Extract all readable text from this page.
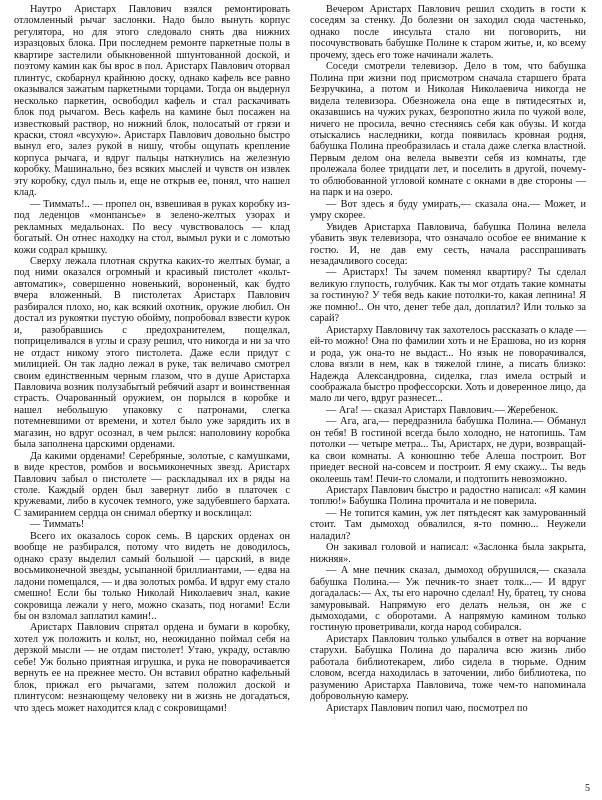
Наутро Аристарх Павлович взялся ремонтировать отломленный рычаг заслонки. Надо было вынуть корпус регулятора, но для этого следовало снять два нижних изразцовых блока. При последнем ремонте паркетные полы в квартире застелили обыкновенной шпунтованной доской, и поэтому камин как бы врос в пол. Аристарх Павлович оторвал плинтус, скобарнул крайнюю доску, однако кафель все равно оказывался зажатым паркетными торцами. Тогда он выдернул несколько паркетин, освободил кафель и стал раскачивать блок под рычагом. Весь кафель на камине был посажен на известковый раствор, но нижний блок, полосатый от грязи и краски, стоял «всухую». Аристарх Павлович довольно быстро вынул его, залез рукой в нишу, чтобы ощупать крепление корпуса рычага, и вдруг пальцы наткнулись на железную коробку. Машинально, без всяких мыслей и чувств он извлек эту коробку, сдул пыль и, еще не открыв ее, понял, что нашел клад.

— Тиммать!.. — пропел он, взвешивая в руках коробку из-под леденцов «монпансье» в зелено-желтых узорах и рекламных медальонах. По весу чувствовалось — клад богатый. Он отнес находку на стол, вымыл руки и с ломотью кожи содрал крышку.

Сверху лежала плотная скрутка каких-то желтых бумаг, а под ними оказался огромный и красивый пистолет «кольт-автоматик», совершенно новенький, вороненый, как будто вчера вложенный. В пистолетах Аристарх Павлович разбирался плохо, но, как всякий охотник, оружие любил. Он достал из рукоятки пустую обойму, попробовал взвести курок и, разобравшись с предохранителем, пощелкал, поприцеливался в углы и сразу решил, что никогда и ни за что не отдаст никому этого пистолета. Даже если придут с милицией. Он так ладно лежал в руке, так величаво смотрел своим единственным черным глазом, что в душе Аристарха Павловича возник полузабытый ребячий азарт и воинственная страсть. Очарованный оружием, он порылся в коробке и нашел небольшую упаковку с патронами, слегка потемневшими от времени, и хотел было уже зарядить их в магазин, но вдруг осознал, в чем рылся: наполовину коробка была заполнена царскими орденами.

Да какими орденами! Серебряные, золотые, с камушками, в виде крестов, ромбов и восьмиконечных звезд. Аристарх Павлович забыл о пистолете — раскладывал их в ряды на столе. Каждый орден был завернут либо в платочек с кружевами, либо в кусочек темного, уже задубевшего бархата. С замиранием сердца он снимал обертку и восклицал:

— Тиммать!

Всего их оказалось сорок семь. В царских орденах он вообще не разбирался, потому что видеть не доводилось, однако сразу выделил самый большой — царский, в виде восьмиконечной звезды, усыпанной бриллиантами, — едва на ладони помещался, — и два золотых ромба. И вдруг ему стало смешно! Если бы только Николай Николаевич знал, какие сокровища лежали у него, можно сказать, под ногами! Если бы он взломал заплатил камин!..

Аристарх Павлович спрятал ордена и бумаги в коробку, хотел уж положить и кольт, но, неожиданно поймал себя на дерзкой мысли — не отдам пистолет! Утаю, украду, оставлю себе! Уж больно приятная игрушка, и рука не поворачивается вернуть ее на прежнее место. Он вставил обратно кафельный блок, прижал его рычагами, затем положил доской и плинтусом: незнающему человеку ни в жизнь не догадаться, что здесь может находится клад с сокровищами!

Вечером Аристарх Павлович решил сходить в гости к соседям за стенку. До болезни он заходил сюда частенько, однако после инсульта стало ни поговорить, ни посочувствовать бабушке Полине к старом житье, и, ко всему прочему, здесь его тоже начинали жалеть.

Соседи смотрели телевизор. Дело в том, что бабушка Полина при жизни под присмотром сначала старшего брата Безручкина, а потом и Николая Николаевича никогда не видела телевизора. Обезножела она еще в пятидесятых и, оказавшись на чужих руках, безропотно жила по чужой воле, ничего не просила, вечно стесняясь себя как обузы. И когда отыскались наследники, когда появилась кровная родня, бабушка Полина преобразилась и стала даже слегка властной. Первым делом она велела вывезти себя из комнаты, где пролежала более тридцати лет, и поселить в другой, почему-то облюбованной угловой комнате с окнами в две стороны — на парк и на озеро.

— Вот здесь я буду умирать,— сказала она.— Может, и умру скорее.

Увидев Аристарха Павловича, бабушка Полина велела убавить звук телевизора, что означало особое ее внимание к гостю. И, не дав ему сесть, начала расспрашивать незадачливого соседа:

— Аристарх! Ты зачем поменял квартиру? Ты сделал великую глупость, голубчик. Как ты мог отдать такие комнаты за гостиную? У тебя ведь какие потолки-то, какая лепнина! Я же помню!.. Он что, денег тебе дал, доплатил? Или только за сарай?

Аристарху Павловичу так захотелось рассказать о кладе — ей-то можно! Она по фамилии хоть и не Ерашова, но из корня и рода, уж она-то не выдаст... Но язык не поворачивался, слова вязли в нем, как в тяжелой глине, а писать близко: Надежда Александровна, сиделка, глаз имела острый и соображала быстро профессорски. Хоть и доверенное лицо, да мало ли чего, вдруг разнесет...

— Ага! — сказал Аристарх Павлович.— Жеребенок.

— Ага, ага,— передразнила бабушка Полина.— Обманул он тебя! В гостиной всегда было холодно, не натопишь. Там потолки — четыре метра... Ты, Аристарх, не дури, возвращай-ка свои комнаты. А конюшню тебе Алеша построит. Вот приедет весной на-совсем и построит. Я ему скажу... Ты ведь околеешь там! Печи-то сломали, и подтопить невозможно.

Аристарх Павлович быстро и радостно написал: «Я камин топлю!» Бабушка Полина прочитала и не поверила.

— Не топится камин, уж лет пятьдесят как замурованный стоит. Там дымоход обвалился, я-то помню... Неужели наладил?

Он закивал головой и написал: «Заслонка была закрыта, нижняя».

— А мне печник сказал, дымоход обрушился,— сказала бабушка Полина.— Уж печник-то знает толк...— И вдруг догадалась:— Ах, ты его нарочно сделал! Ну, братец, ту снова замуровывай. Напрямую его делать нельзя, он же с дымоходами, с оборотами. А напрямую камином только гостиную проветривали, когда народ собирался.

Аристарх Павлович только улыбался в ответ на ворчание старухи. Бабушка Полина до паралича всю жизнь либо работала библиотекарем, либо сидела в тюрьме. Одним словом, всегда находилась в заточении, либо библиотека, по разумению Аристарха Павловича, тоже чем-то напоминала добровольную камеру.

Аристарх Павлович попил чаю, посмотрел по

5
